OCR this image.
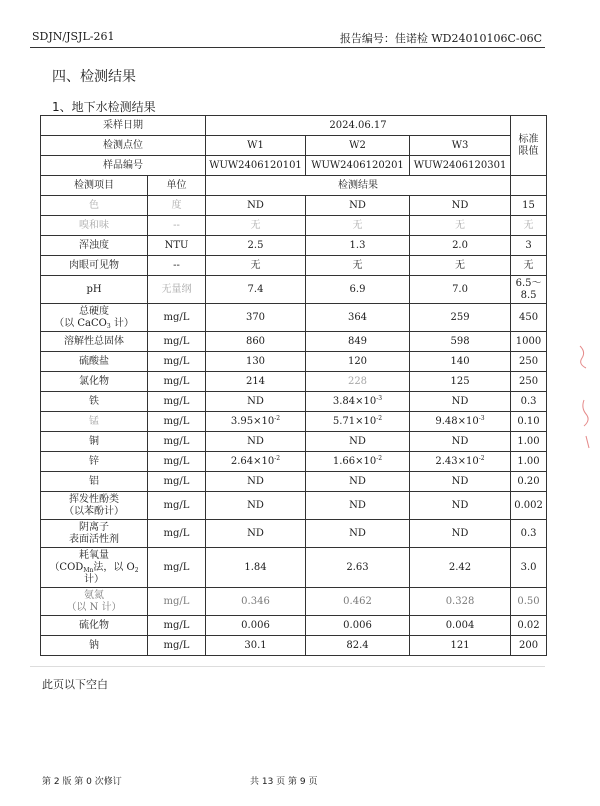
SDJN/JSJL-261	报告编号：佳诺检 WD24010106C-06C
四、检测结果
1、地下水检测结果
采样日期		2024.06.17			标准限值
检测点位		W1	W2	W3	
样品编号		WUW2406120101	WUW2406120201	WUW2406120301	
检测项目	单位	检测结果			
色	度	ND	ND	ND	15
嗅和味	--	无	无	无	无
浑浊度	NTU	2.5	1.3	2.0	3
肉眼可见物	--	无	无	无	无
pH	无量纲	7.4	6.9	7.0	6.5～
8.5
总硬度
（以 CaCO$_3$ 计）	mg/L	370	364	259	450
溶解性总固体	mg/L	860	849	598	1000
硫酸盐	mg/L	130	120	140	250
氯化物	mg/L	214	228	125	250
铁	mg/L	ND	$3.84\times 10^{-3}$	ND	0.3
锰	mg/L	$3.95\times 10^{-2}$	$5.71\times 10^{-2}$	$9.48\times 10^{-3}$	0.10
铜	mg/L	ND	ND	ND	1.00
锌	mg/L	$2.64\times 10^{-2}$	$1.66\times 10^{-2}$	$2.43\times 10^{-2}$	1.00
铝	mg/L	ND	ND	ND	0.20
挥发性酚类
（以苯酚计）	mg/L	ND	ND	ND	0.002
阴离子
表面活性剂	mg/L	ND	ND	ND	0.3
耗氧量
（$COD_{Mn}$法，以 $O_2$
计）	mg/L	1.84	2.63	2.42	3.0
氨氮
（以 N 计）	mg/L	0.346	0.462	0.328	0.50
硫化物	mg/L	0.006	0.006	0.004	0.02
钠	mg/L	30.1	82.4	121	200
此页以下空白
第 2 版 第 0 次修订	共 13 页 第 9 页
